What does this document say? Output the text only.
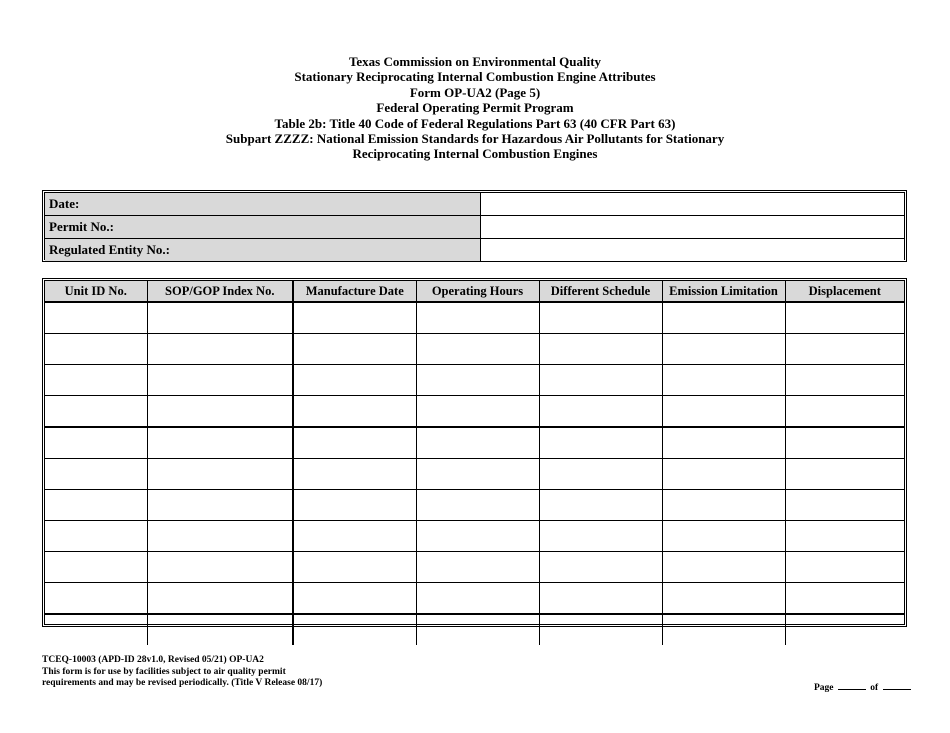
Texas Commission on Environmental Quality
Stationary Reciprocating Internal Combustion Engine Attributes
Form OP-UA2 (Page 5)
Federal Operating Permit Program
Table 2b: Title 40 Code of Federal Regulations Part 63 (40 CFR Part 63)
Subpart ZZZZ: National Emission Standards for Hazardous Air Pollutants for Stationary
Reciprocating Internal Combustion Engines
Date:	
Permit No.:	
Regulated Entity No.:	
Unit ID No.	SOP/GOP Index No.	Manufacture Date	Operating Hours	Different Schedule	Emission Limitation	Displacement

TCEQ-10003 (APD-ID 28v1.0, Revised 05/21) OP-UA2
This form is for use by facilities subject to air quality permit
requirements and may be revised periodically. (Title V Release 08/17)	Page	of
